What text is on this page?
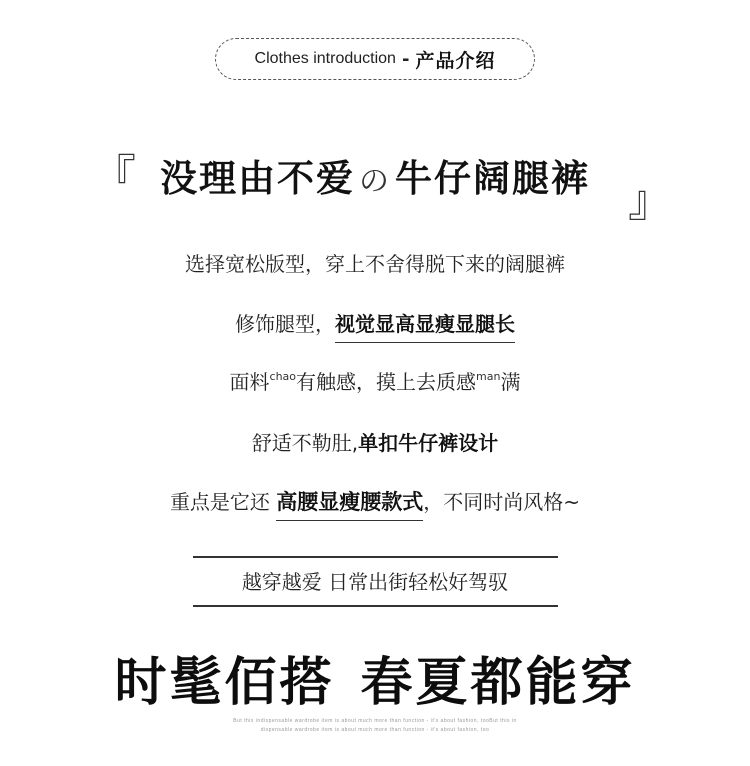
Clothes introduction - 产品介绍
『 没理由不爱 の 牛仔阔腿裤 』
选择宽松版型，穿上不舍得脱下来的阔腿裤
修饰腿型，视觉显高显瘦显腿长
面料$^{chao}$有触感，摸上去质感$^{man}$满
舒适不勒肚,单扣牛仔裤设计
重点是它还 高腰显瘦腰款式，不同时尚风格~
越穿越爱 日常出街轻松好驾驭
时髦佰搭 春夏都能穿
But this indispensable wardrobe item is about much more than function - it's about fashion, tooBut this in
dispensable wardrobe item is about much more than function - it's about fashion, too
